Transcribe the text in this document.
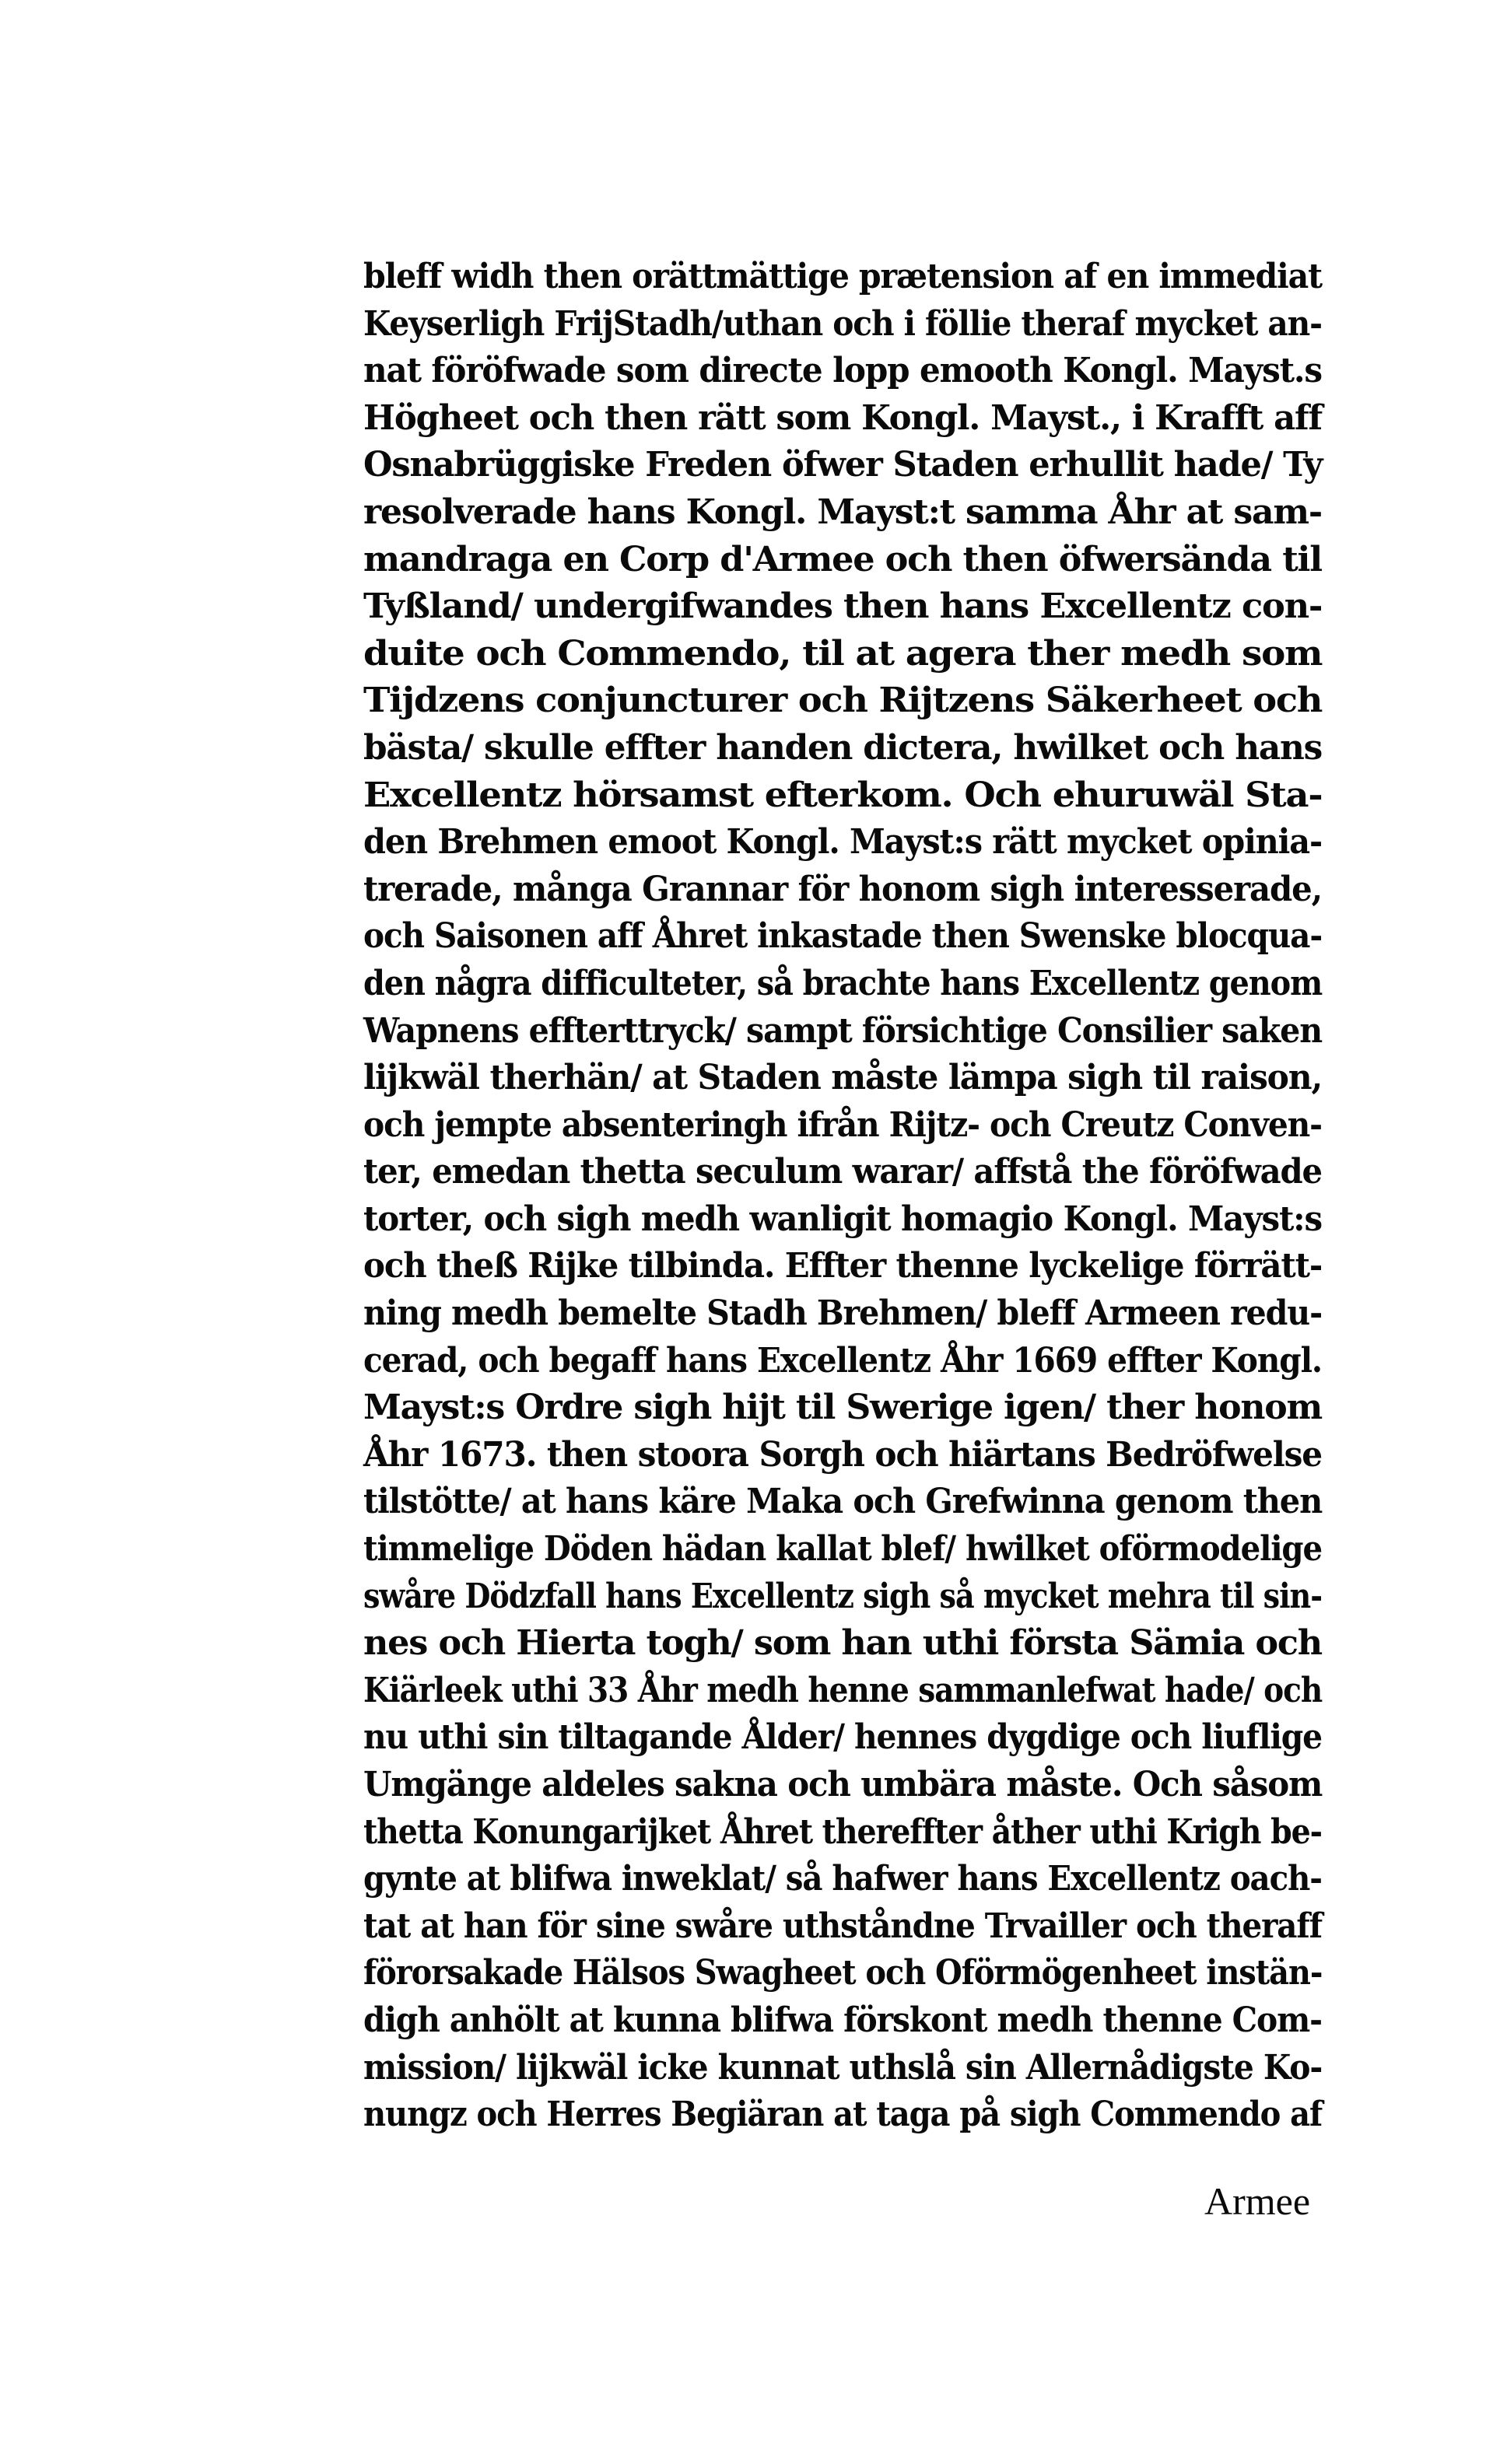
bleff widh then orättmättige prætension af en immediat
Keyserligh FrijStadh/uthan och i föllie theraf mycket an-
nat föröfwade som directe lopp emooth Kongl. Mayst.s
Högheet och then rätt som Kongl. Mayst., i Krafft aff
Osnabrüggiske Freden öfwer Staden erhullit hade/ Ty
resolverade hans Kongl. Mayst:t samma Åhr at sam-
mandraga en Corp d'Armee och then öfwersända til
Tyßland/ undergifwandes then hans Excellentz con-
duite och Commendo, til at agera ther medh som
Tijdzens conjuncturer och Rijtzens Säkerheet och
bästa/ skulle effter handen dictera, hwilket och hans
Excellentz hörsamst efterkom. Och ehuruwäl Sta-
den Brehmen emoot Kongl. Mayst:s rätt mycket opinia-
trerade, många Grannar för honom sigh interesserade,
och Saisonen aff Åhret inkastade then Swenske blocqua-
den några difficulteter, så brachte hans Excellentz genom
Wapnens effterttryck/ sampt försichtige Consilier saken
lijkwäl therhän/ at Staden måste lämpa sigh til raison,
och jempte absenteringh ifrån Rijtz- och Creutz Conven-
ter, emedan thetta seculum warar/ affstå the föröfwade
torter, och sigh medh wanligit homagio Kongl. Mayst:s
och theß Rijke tilbinda. Effter thenne lyckelige förrätt-
ning medh bemelte Stadh Brehmen/ bleff Armeen redu-
cerad, och begaff hans Excellentz Åhr 1669 effter Kongl.
Mayst:s Ordre sigh hijt til Swerige igen/ ther honom
Åhr 1673. then stoora Sorgh och hiärtans Bedröfwelse
tilstötte/ at hans käre Maka och Grefwinna genom then
timmelige Döden hädan kallat blef/ hwilket oförmodelige
swåre Dödzfall hans Excellentz sigh så mycket mehra til sin-
nes och Hierta togh/ som han uthi första Sämia och
Kiärleek uthi 33 Åhr medh henne sammanlefwat hade/ och
nu uthi sin tiltagande Ålder/ hennes dygdige och liuflige
Umgänge aldeles sakna och umbära måste. Och såsom
thetta Konungarijket Åhret thereffter åther uthi Krigh be-
gynte at blifwa inweklat/ så hafwer hans Excellentz oach-
tat at han för sine swåre uthståndne Trvailler och theraff
förorsakade Hälsos Swagheet och Oförmögenheet instän-
digh anhölt at kunna blifwa förskont medh thenne Com-
mission/ lijkwäl icke kunnat uthslå sin Allernådigste Ko-
nungz och Herres Begiäran at taga på sigh Commendo af
Armee
